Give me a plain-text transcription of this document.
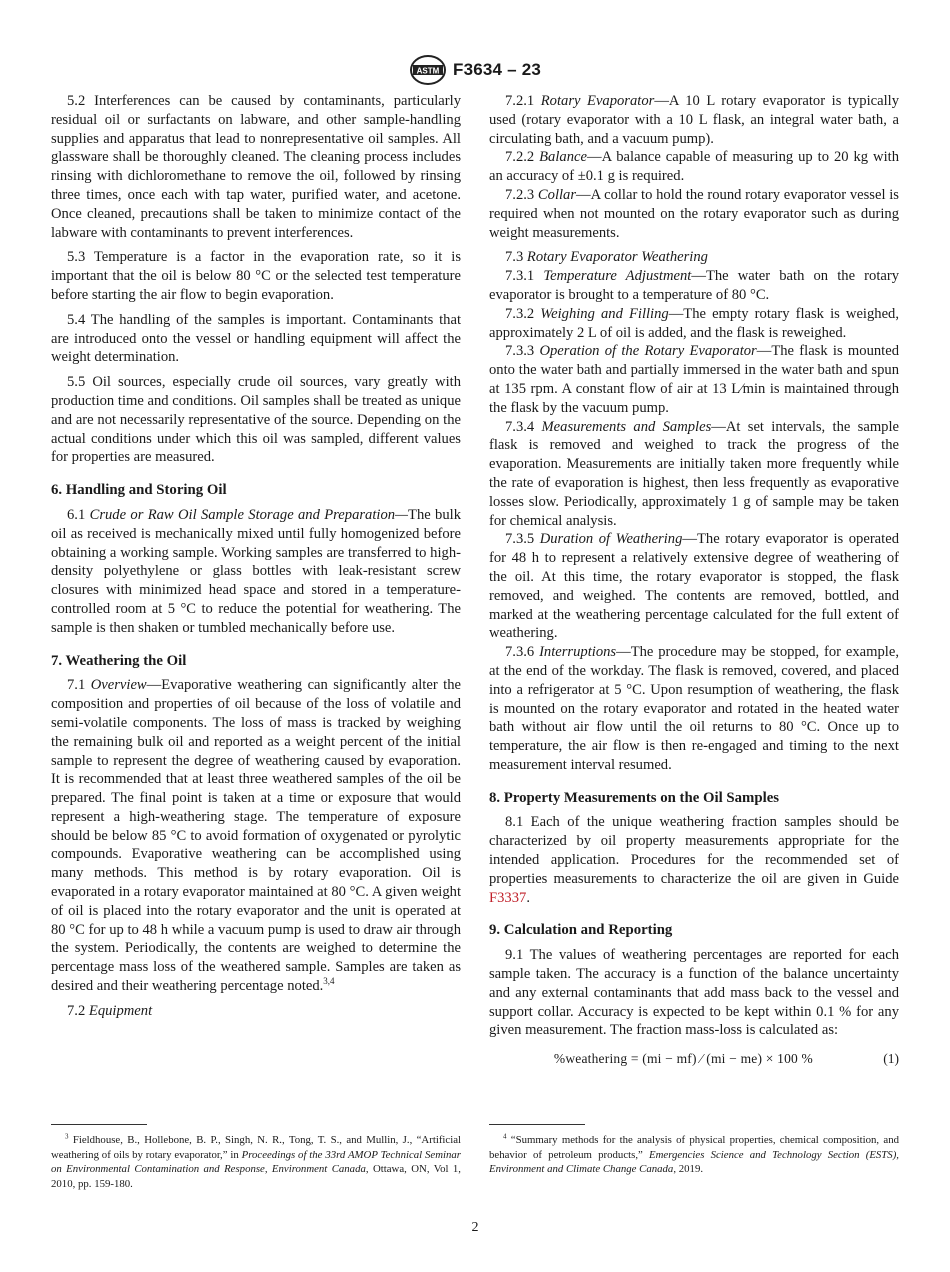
ASTM F3634 – 23

5.2 Interferences can be caused by contaminants, particularly residual oil or surfactants on labware, and other sample-handling supplies and apparatus that lead to nonrepresentative oil samples. All glassware shall be thoroughly cleaned. The cleaning process includes rinsing with dichloromethane to remove the oil, followed by rinsing three times, once each with tap water, purified water, and acetone. Once cleaned, precautions shall be taken to minimize contact of the labware with contaminants to prevent interferences.

5.3 Temperature is a factor in the evaporation rate, so it is important that the oil is below 80 °C or the selected test temperature before starting the air flow to begin evaporation.

5.4 The handling of the samples is important. Contaminants that are introduced onto the vessel or handling equipment will affect the weight determination.

5.5 Oil sources, especially crude oil sources, vary greatly with production time and conditions. Oil samples shall be treated as unique and are not necessarily representative of the source. Depending on the actual conditions under which this oil was sampled, different values for properties are measured.

6. Handling and Storing Oil

6.1 Crude or Raw Oil Sample Storage and Preparation—The bulk oil as received is mechanically mixed until fully homogenized before obtaining a working sample. Working samples are transferred to high-density polyethylene or glass bottles with leak-resistant screw closures with minimized head space and stored in a temperature-controlled room at 5 °C to reduce the potential for weathering. The sample is then shaken or tumbled mechanically before use.

7. Weathering the Oil

7.1 Overview—Evaporative weathering can significantly alter the composition and properties of oil because of the loss of volatile and semi-volatile components. The loss of mass is tracked by weighing the remaining bulk oil and reported as a weight percent of the initial sample to represent the degree of weathering caused by evaporation. It is recommended that at least three weathered samples of the oil be prepared. The final point is taken at a time or exposure that would represent a high-weathering stage. The temperature of exposure should be below 85 °C to avoid formation of oxygenated or pyrolytic compounds. Evaporative weathering can be accomplished using many methods. This method is by rotary evaporation. Oil is evaporated in a rotary evaporator maintained at 80 °C. A given weight of oil is placed into the rotary evaporator and the unit is operated at 80 °C for up to 48 h while a vacuum pump is used to draw air through the system. Periodically, the contents are weighed to determine the percentage mass loss of the weathered sample. Samples are taken as desired and their weathering percentage noted.$^{3,4}$

7.2 Equipment

7.2.1 Rotary Evaporator—A 10 L rotary evaporator is typically used (rotary evaporator with a 10 L flask, an integral water bath, a circulating bath, and a vacuum pump).

7.2.2 Balance—A balance capable of measuring up to 20 kg with an accuracy of ±0.1 g is required.

7.2.3 Collar—A collar to hold the round rotary evaporator vessel is required when not mounted on the rotary evaporator such as during weight measurements.

7.3 Rotary Evaporator Weathering

7.3.1 Temperature Adjustment—The water bath on the rotary evaporator is brought to a temperature of 80 °C.

7.3.2 Weighing and Filling—The empty rotary flask is weighed, approximately 2 L of oil is added, and the flask is reweighed.

7.3.3 Operation of the Rotary Evaporator—The flask is mounted onto the water bath and partially immersed in the water bath and spun at 135 rpm. A constant flow of air at 13 L⁄min is maintained through the flask by the vacuum pump.

7.3.4 Measurements and Samples—At set intervals, the sample flask is removed and weighed to track the progress of the evaporation. Measurements are initially taken more frequently while the rate of evaporation is highest, then less frequently as evaporative losses slow. Periodically, approximately 1 g of sample may be taken for chemical analysis.

7.3.5 Duration of Weathering—The rotary evaporator is operated for 48 h to represent a relatively extensive degree of weathering of the oil. At this time, the rotary evaporator is stopped, the flask removed, and weighed. The contents are removed, bottled, and marked at the weathering percentage calculated for the full extent of weathering.

7.3.6 Interruptions—The procedure may be stopped, for example, at the end of the workday. The flask is removed, covered, and placed into a refrigerator at 5 °C. Upon resumption of weathering, the flask is mounted on the rotary evaporator and rotated in the heated water bath without air flow until the oil returns to 80 °C. Once up to temperature, the air flow is then re-engaged and timing to the next measurement interval resumed.

8. Property Measurements on the Oil Samples

8.1 Each of the unique weathering fraction samples should be characterized by oil property measurements appropriate for the intended application. Procedures for the recommended set of properties measurements to characterize the oil are given in Guide F3337.

9. Calculation and Reporting

9.1 The values of weathering percentages are reported for each sample taken. The accuracy is a function of the balance uncertainty and any external contaminants that add mass back to the vessel and support collar. Accuracy is expected to be kept within 0.1 % for any given measurement. The fraction mass-loss is calculated as:

%weathering = (mi − mf) ⁄ (mi − me) × 100 %	(1)

$^3$ Fieldhouse, B., Hollebone, B. P., Singh, N. R., Tong, T. S., and Mullin, J., “Artificial weathering of oils by rotary evaporator,” in Proceedings of the 33rd AMOP Technical Seminar on Environmental Contamination and Response, Environment Canada, Ottawa, ON, Vol 1, 2010, pp. 159-180.

$^4$ “Summary methods for the analysis of physical properties, chemical composition, and behavior of petroleum products,” Emergencies Science and Technology Section (ESTS), Environment and Climate Change Canada, 2019.

2
